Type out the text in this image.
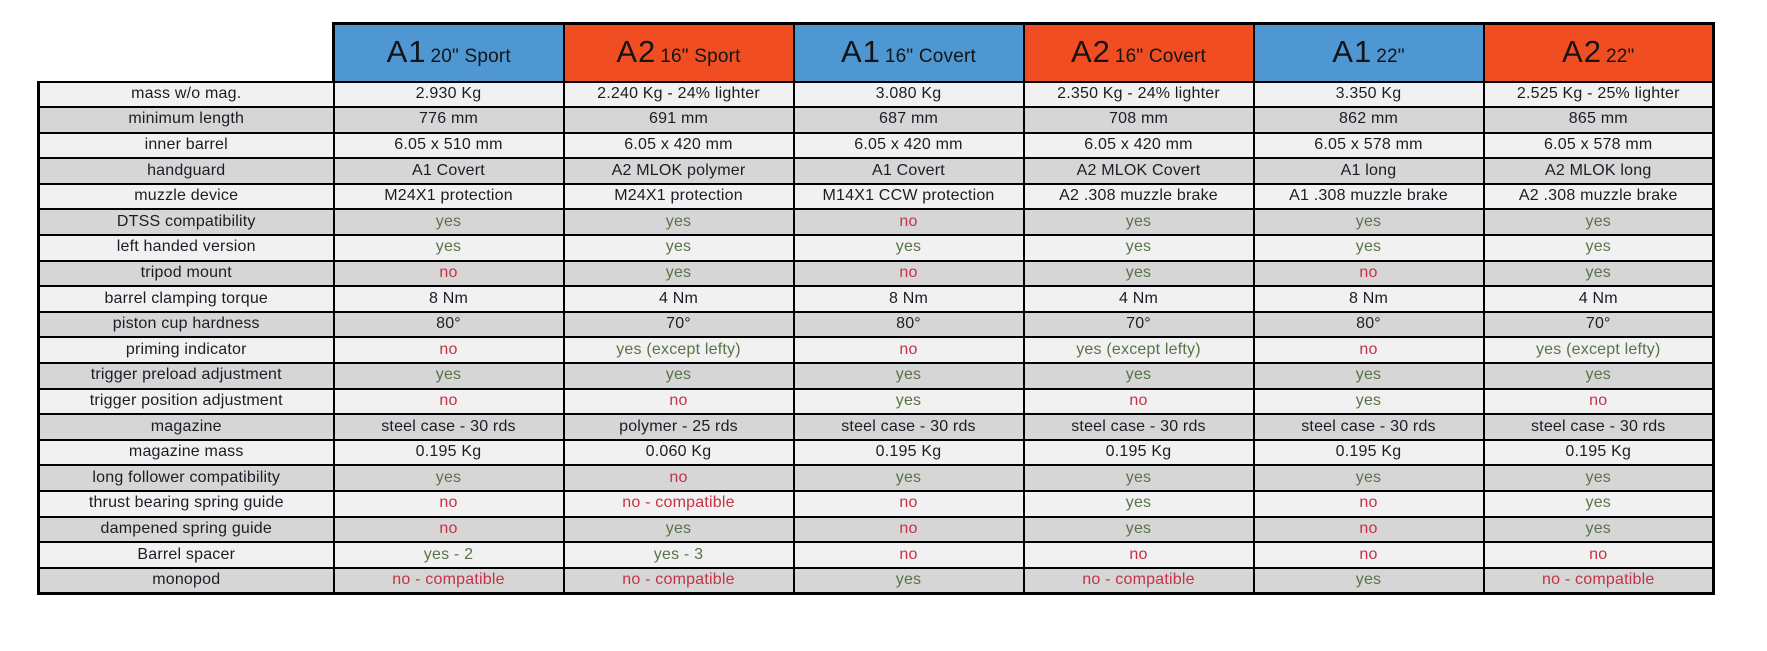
	A1 20" Sport	A2 16" Sport	A1 16" Covert	A2 16" Covert	A1 22"	A2 22"
mass w/o mag.	2.930 Kg	2.240 Kg - 24% lighter	3.080 Kg	2.350 Kg - 24% lighter	3.350 Kg	2.525 Kg - 25% lighter
minimum length	776 mm	691 mm	687 mm	708 mm	862 mm	865 mm
inner barrel	6.05 x 510 mm	6.05 x 420 mm	6.05 x 420 mm	6.05 x 420 mm	6.05 x 578 mm	6.05 x 578 mm
handguard	A1 Covert	A2 MLOK polymer	A1 Covert	A2 MLOK Covert	A1 long	A2 MLOK long
muzzle device	M24X1 protection	M24X1 protection	M14X1 CCW protection	A2 .308 muzzle brake	A1 .308 muzzle brake	A2 .308 muzzle brake
DTSS compatibility	yes	yes	no	yes	yes	yes
left handed version	yes	yes	yes	yes	yes	yes
tripod mount	no	yes	no	yes	no	yes
barrel clamping torque	8 Nm	4 Nm	8 Nm	4 Nm	8 Nm	4 Nm
piston cup hardness	80°	70°	80°	70°	80°	70°
priming indicator	no	yes (except lefty)	no	yes (except lefty)	no	yes (except lefty)
trigger preload adjustment	yes	yes	yes	yes	yes	yes
trigger position adjustment	no	no	yes	no	yes	no
magazine	steel case - 30 rds	polymer - 25 rds	steel case - 30 rds	steel case - 30 rds	steel case - 30 rds	steel case - 30 rds
magazine mass	0.195 Kg	0.060 Kg	0.195 Kg	0.195 Kg	0.195 Kg	0.195 Kg
long follower compatibility	yes	no	yes	yes	yes	yes
thrust bearing spring guide	no	no - compatible	no	yes	no	yes
dampened spring guide	no	yes	no	yes	no	yes
Barrel spacer	yes - 2	yes - 3	no	no	no	no
monopod	no - compatible	no - compatible	yes	no - compatible	yes	no - compatible
